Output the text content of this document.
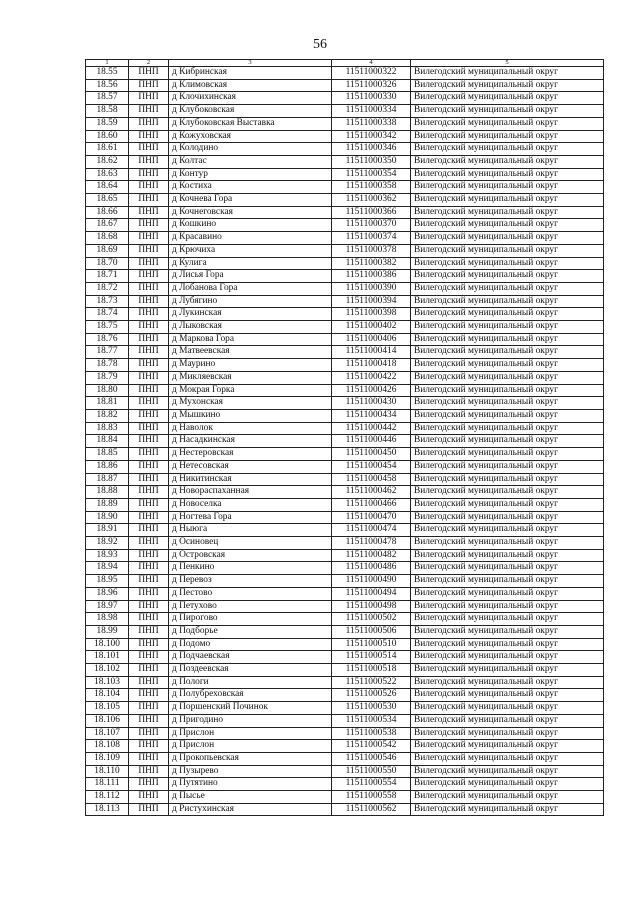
56
1	2	3	4	5
18.55	ПНП	д Кибринская	11511000322	Вилегодский муниципальный округ
18.56	ПНП	д Климовская	11511000326	Вилегодский муниципальный округ
18.57	ПНП	д Клочихинская	11511000330	Вилегодский муниципальный округ
18.58	ПНП	д Клубоковская	11511000334	Вилегодский муниципальный округ
18.59	ПНП	д Клубоковская Выставка	11511000338	Вилегодский муниципальный округ
18.60	ПНП	д Кожуховская	11511000342	Вилегодский муниципальный округ
18.61	ПНП	д Колодино	11511000346	Вилегодский муниципальный округ
18.62	ПНП	д Колтас	11511000350	Вилегодский муниципальный округ
18.63	ПНП	д Контур	11511000354	Вилегодский муниципальный округ
18.64	ПНП	д Костиха	11511000358	Вилегодский муниципальный округ
18.65	ПНП	д Кочнева Гора	11511000362	Вилегодский муниципальный округ
18.66	ПНП	д Кочнеговская	11511000366	Вилегодский муниципальный округ
18.67	ПНП	д Кошкино	11511000370	Вилегодский муниципальный округ
18.68	ПНП	д Красавино	11511000374	Вилегодский муниципальный округ
18.69	ПНП	д Крючиха	11511000378	Вилегодский муниципальный округ
18.70	ПНП	д Кулига	11511000382	Вилегодский муниципальный округ
18.71	ПНП	д Лисья Гора	11511000386	Вилегодский муниципальный округ
18.72	ПНП	д Лобанова Гора	11511000390	Вилегодский муниципальный округ
18.73	ПНП	д Лубягино	11511000394	Вилегодский муниципальный округ
18.74	ПНП	д Лукинская	11511000398	Вилегодский муниципальный округ
18.75	ПНП	д Лыковская	11511000402	Вилегодский муниципальный округ
18.76	ПНП	д Маркова Гора	11511000406	Вилегодский муниципальный округ
18.77	ПНП	д Матвеевская	11511000414	Вилегодский муниципальный округ
18.78	ПНП	д Маурино	11511000418	Вилегодский муниципальный округ
18.79	ПНП	д Микляевская	11511000422	Вилегодский муниципальный округ
18.80	ПНП	д Мокрая Горка	11511000426	Вилегодский муниципальный округ
18.81	ПНП	д Мухонская	11511000430	Вилегодский муниципальный округ
18.82	ПНП	д Мышкино	11511000434	Вилегодский муниципальный округ
18.83	ПНП	д Наволок	11511000442	Вилегодский муниципальный округ
18.84	ПНП	д Насадкинская	11511000446	Вилегодский муниципальный округ
18.85	ПНП	д Нестеровская	11511000450	Вилегодский муниципальный округ
18.86	ПНП	д Нетесовская	11511000454	Вилегодский муниципальный округ
18.87	ПНП	д Никитинская	11511000458	Вилегодский муниципальный округ
18.88	ПНП	д Новораспаханная	11511000462	Вилегодский муниципальный округ
18.89	ПНП	д Новоселка	11511000466	Вилегодский муниципальный округ
18.90	ПНП	д Ногтева Гора	11511000470	Вилегодский муниципальный округ
18.91	ПНП	д Ныюга	11511000474	Вилегодский муниципальный округ
18.92	ПНП	д Осиновец	11511000478	Вилегодский муниципальный округ
18.93	ПНП	д Островская	11511000482	Вилегодский муниципальный округ
18.94	ПНП	д Пенкино	11511000486	Вилегодский муниципальный округ
18.95	ПНП	д Перевоз	11511000490	Вилегодский муниципальный округ
18.96	ПНП	д Пестово	11511000494	Вилегодский муниципальный округ
18.97	ПНП	д Петухово	11511000498	Вилегодский муниципальный округ
18.98	ПНП	д Пирогово	11511000502	Вилегодский муниципальный округ
18.99	ПНП	д Подборье	11511000506	Вилегодский муниципальный округ
18.100	ПНП	д Подомо	11511000510	Вилегодский муниципальный округ
18.101	ПНП	д Подчаевская	11511000514	Вилегодский муниципальный округ
18.102	ПНП	д Поздеевская	11511000518	Вилегодский муниципальный округ
18.103	ПНП	д Пологи	11511000522	Вилегодский муниципальный округ
18.104	ПНП	д Полубреховская	11511000526	Вилегодский муниципальный округ
18.105	ПНП	д Поршенский Починок	11511000530	Вилегодский муниципальный округ
18.106	ПНП	д Пригодино	11511000534	Вилегодский муниципальный округ
18.107	ПНП	д Прислон	11511000538	Вилегодский муниципальный округ
18.108	ПНП	д Прислон	11511000542	Вилегодский муниципальный округ
18.109	ПНП	д Прокопьевская	11511000546	Вилегодский муниципальный округ
18.110	ПНП	д Пузырево	11511000550	Вилегодский муниципальный округ
18.111	ПНП	д Путятино	11511000554	Вилегодский муниципальный округ
18.112	ПНП	д Пысье	11511000558	Вилегодский муниципальный округ
18.113	ПНП	д Ристухинская	11511000562	Вилегодский муниципальный округ
